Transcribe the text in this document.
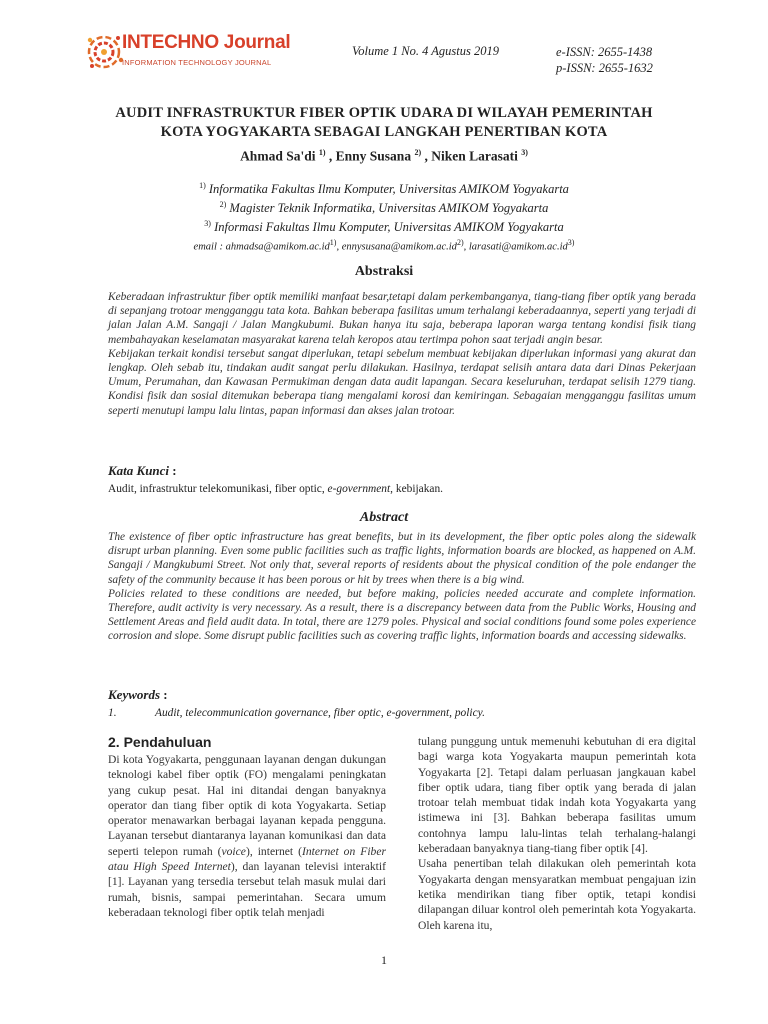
INTECHNO Journal
INFORMATION TECHNOLOGY JOURNAL
Volume 1 No. 4 Agustus 2019	e-ISSN: 2655-1438
p-ISSN: 2655-1632
AUDIT INFRASTRUKTUR FIBER OPTIK UDARA DI WILAYAH PEMERINTAH
KOTA YOGYAKARTA SEBAGAI LANGKAH PENERTIBAN KOTA
Ahmad Sa'di $^{1)}$ , Enny Susana $^{2)}$ , Niken Larasati $^{3)}$
$^{1)}$ Informatika Fakultas Ilmu Komputer, Universitas AMIKOM Yogyakarta
$^{2)}$ Magister Teknik Informatika, Universitas AMIKOM Yogyakarta
$^{3)}$ Informasi Fakultas Ilmu Komputer, Universitas AMIKOM Yogyakarta
email : $ahmadsa@amikom.ac.id^{1)}$, $ennysusana@amikom.ac.id^{2)}$, $larasati@amikom.ac.id^{3)}$
Abstraksi

Keberadaan infrastruktur fiber optik memiliki manfaat besar,tetapi dalam perkembanganya, tiang-tiang fiber optik yang berada di sepanjang trotoar mengganggu tata kota. Bahkan beberapa fasilitas umum terhalangi keberadaannya, seperti yang terjadi di jalan Jalan A.M. Sangaji / Jalan Mangkubumi. Bukan hanya itu saja, beberapa laporan warga tentang kondisi fisik tiang membahayakan keselamatan masyarakat karena telah keropos atau tertimpa pohon saat terjadi angin besar.

Kebijakan terkait kondisi tersebut sangat diperlukan, tetapi sebelum membuat kebijakan diperlukan informasi yang akurat dan lengkap. Oleh sebab itu, tindakan audit sangat perlu dilakukan. Hasilnya, terdapat selisih antara data dari Dinas Pekerjaan Umum, Perumahan, dan Kawasan Permukiman dengan data audit lapangan. Secara keseluruhan, terdapat selisih 1279 tiang. Kondisi fisik dan sosial ditemukan beberapa tiang mengalami korosi dan kemiringan. Sebagaian mengganggu fasilitas umum seperti menutupi lampu lalu lintas, papan informasi dan akses jalan trotoar.

Kata Kunci :
Audit, infrastruktur telekomunikasi, fiber optic, e-government, kebijakan.
Abstract

The existence of fiber optic infrastructure has great benefits, but in its development, the fiber optic poles along the sidewalk disrupt urban planning. Even some public facilities such as traffic lights, information boards are blocked, as happened on A.M. Sangaji / Mangkubumi Street. Not only that, several reports of residents about the physical condition of the pole endanger the safety of the community because it has been porous or hit by trees when there is a big wind.

Policies related to these conditions are needed, but before making, policies needed accurate and complete information. Therefore, audit activity is very necessary. As a result, there is a discrepancy between data from the Public Works, Housing and Settlement Areas and field audit data. In total, there are 1279 poles. Physical and social conditions found some poles experience corrosion and slope. Some disrupt public facilities such as covering traffic lights, information boards and accessing sidewalks.

Keywords :
1.	Audit, telecommunication governance, fiber optic, e-government, policy.
2. Pendahuluan

Di kota Yogyakarta, penggunaan layanan dengan dukungan teknologi kabel fiber optik (FO) mengalami peningkatan yang cukup pesat. Hal ini ditandai dengan banyaknya operator dan tiang fiber optik di kota Yogyakarta. Setiap operator menawarkan berbagai layanan kepada pengguna. Layanan tersebut diantaranya layanan komunikasi dan data seperti telepon rumah (voice), internet (Internet on Fiber atau High Speed Internet), dan layanan televisi interaktif [1]. Layanan yang tersedia tersebut telah masuk mulai dari rumah, bisnis, sampai pemerintahan. Secara umum keberadaan teknologi fiber optik telah menjadi

tulang punggung untuk memenuhi kebutuhan di era digital bagi warga kota Yogyakarta maupun pemerintah kota Yogyakarta [2]. Tetapi dalam perluasan jangkauan kabel fiber optik udara, tiang fiber optik yang berada di jalan trotoar telah membuat tidak indah kota Yogyakarta yang istimewa ini [3]. Bahkan beberapa fasilitas umum contohnya lampu lalu-lintas telah terhalang-halangi keberadaan banyaknya tiang-tiang fiber optik [4].

Usaha penertiban telah dilakukan oleh pemerintah kota Yogyakarta dengan mensyaratkan membuat pengajuan izin ketika mendirikan tiang fiber optik, tetapi kondisi dilapangan diluar kontrol oleh pemerintah kota Yogyakarta. Oleh karena itu,

1
